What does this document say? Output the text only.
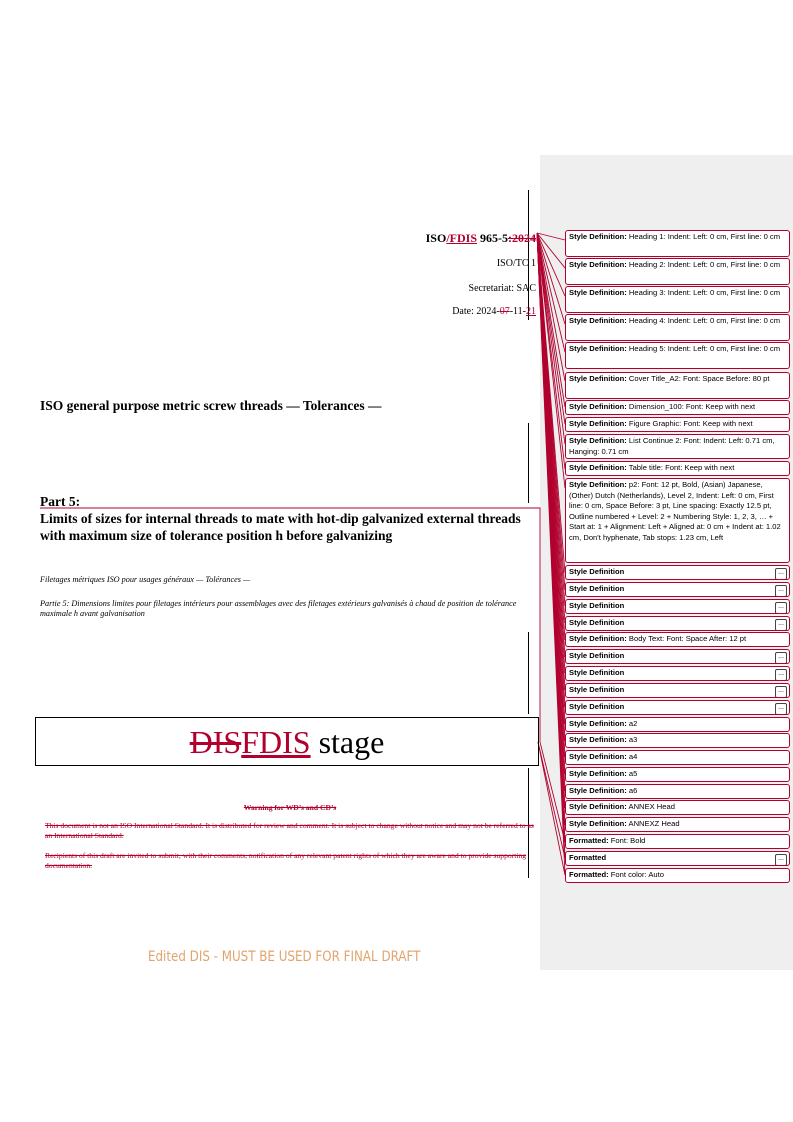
ISO/FDIS 965-5:2024
ISO/TC 1
Secretariat: SAC
Date: 2024-07-11-21
ISO general purpose metric screw threads — Tolerances —
Part 5:
Limits of sizes for internal threads to mate with hot-dip galvanized external threads with maximum size of tolerance position h before galvanizing
Filetages métriques ISO pour usages généraux — Tolérances —
Partie 5: Dimensions limites pour filetages intérieurs pour assemblages avec des filetages extérieurs galvanisés à chaud de position de tolérance maximale h avant galvanisation
DISFDIS stage
Warning for WD’s and CD’s
This document is not an ISO International Standard. It is distributed for review and comment. It is subject to change without notice and may not be referred to as an International Standard.
Recipients of this draft are invited to submit, with their comments, notification of any relevant patent rights of which they are aware and to provide supporting documentation.
Edited DIS - MUST BE USED FOR FINAL DRAFT
Style Definition: Heading 1: Indent: Left: 0 cm, First line: 0 cm
Style Definition: Heading 2: Indent: Left: 0 cm, First line: 0 cm
Style Definition: Heading 3: Indent: Left: 0 cm, First line: 0 cm
Style Definition: Heading 4: Indent: Left: 0 cm, First line: 0 cm
Style Definition: Heading 5: Indent: Left: 0 cm, First line: 0 cm
Style Definition: Cover Title_A2: Font: Space Before: 80 pt
Style Definition: Dimension_100: Font: Keep with next
Style Definition: Figure Graphic: Font: Keep with next
Style Definition: List Continue 2: Font: Indent: Left: 0.71 cm, Hanging: 0.71 cm
Style Definition: Table title: Font: Keep with next
Style Definition: p2: Font: 12 pt, Bold, (Asian) Japanese, (Other) Dutch (Netherlands), Level 2, Indent: Left: 0 cm, First line: 0 cm, Space Before: 3 pt, Line spacing: Exactly 12.5 pt, Outline numbered + Level: 2 + Numbering Style: 1, 2, 3, … + Start at: 1 + Alignment: Left + Aligned at: 0 cm + Indent at: 1.02 cm, Don't hyphenate, Tab stops: 1.23 cm, Left
Style Definition	...
Style Definition	...
Style Definition	...
Style Definition	...
Style Definition: Body Text: Font: Space After: 12 pt
Style Definition	...
Style Definition	...
Style Definition	...
Style Definition	...
Style Definition: a2
Style Definition: a3
Style Definition: a4
Style Definition: a5
Style Definition: a6
Style Definition: ANNEX Head
Style Definition: ANNEXZ Head
Formatted: Font: Bold
Formatted	...
Formatted: Font color: Auto
